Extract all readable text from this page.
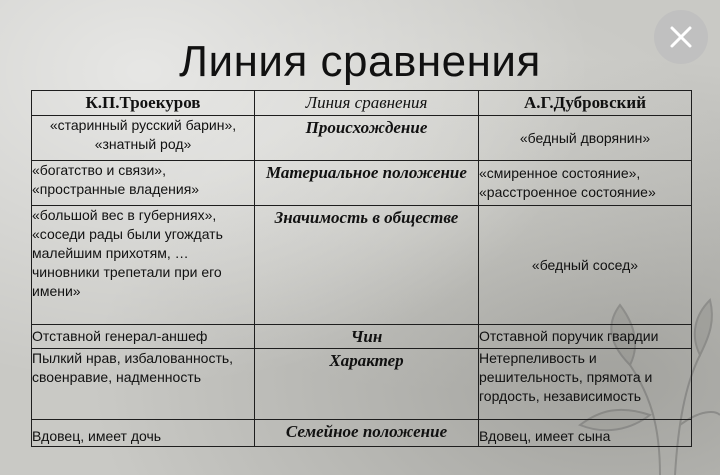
Линия сравнения
К.П.Троекуров	Линия сравнения	А.Г.Дубровский
«старинный русский барин», «знатный род»	Происхождение	«бедный дворянин»
«богатство и связи», «пространные владения»	Материальное положение	«смиренное состояние», «расстроенное состояние»
«большой вес в губерниях», «соседи рады были угождать малейшим прихотям, … чиновники трепетали при его имени»	Значимость в обществе	«бедный сосед»
Отставной генерал-аншеф	Чин	Отставной поручик гвардии
Пылкий нрав, избалованность, своенравие, надменность	Характер	Нетерпеливость и решительность, прямота и гордость, независимость
Вдовец, имеет дочь	Семейное положение	Вдовец, имеет сына
